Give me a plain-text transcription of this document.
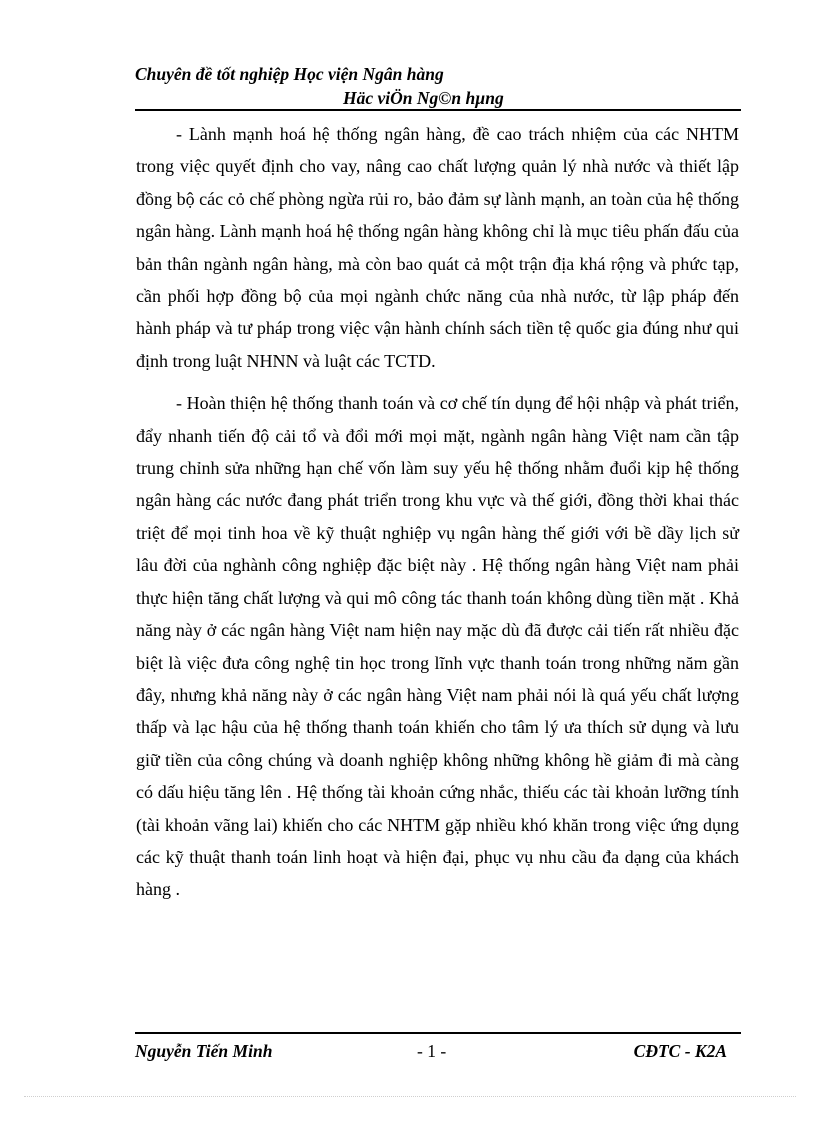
Chuyên đề tốt nghiệp Học viện Ngân hàng

Häc viÖn Ng©n hµng

- Lành mạnh hoá hệ thống ngân hàng, đề cao trách nhiệm của các NHTM trong việc quyết định cho vay, nâng cao chất lượng quản lý nhà nước và thiết lập đồng bộ các cỏ chế phòng ngừa rủi ro, bảo đảm sự lành mạnh, an toàn của hệ thống ngân hàng. Lành mạnh hoá hệ thống ngân hàng không chỉ là mục tiêu phấn đấu của bản thân ngành ngân hàng, mà còn bao quát cả một trận địa khá rộng và phức tạp, cần phối hợp đồng bộ của mọi ngành chức năng của nhà nước, từ lập pháp đến hành pháp và tư pháp trong việc vận hành chính sách tiền tệ quốc gia đúng như qui định trong luật NHNN và luật các TCTD.

- Hoàn thiện hệ thống thanh toán và cơ chế tín dụng để hội nhập và phát triển, đẩy nhanh tiến độ cải tổ và đổi mới mọi mặt, ngành ngân hàng Việt nam cần tập trung chỉnh sửa những hạn chế vốn làm suy yếu hệ thống nhằm đuổi kịp hệ thống ngân hàng các nước đang phát triển trong khu vực và thế giới, đồng thời khai thác triệt để mọi tinh hoa về kỹ thuật nghiệp vụ ngân hàng thế giới với bề dầy lịch sử lâu đời của nghành công nghiệp đặc biệt này . Hệ thống ngân hàng Việt nam phải thực hiện tăng chất lượng và qui mô công tác thanh toán không dùng tiền mặt . Khả năng này ở các ngân hàng Việt nam hiện nay mặc dù đã được cải tiến rất nhiều đặc biệt là việc đưa công nghệ tin học trong lĩnh vực thanh toán trong những năm gần đây, nhưng khả năng này ở các ngân hàng Việt nam phải nói là quá yếu chất lượng thấp và lạc hậu của hệ thống thanh toán khiến cho tâm lý ưa thích sử dụng và lưu giữ tiền của công chúng và doanh nghiệp không những không hề giảm đi mà càng có dấu hiệu tăng lên . Hệ thống tài khoản cứng nhắc, thiếu các tài khoản lưỡng tính (tài khoản vãng lai) khiến cho các NHTM gặp nhiều khó khăn trong việc ứng dụng các kỹ thuật thanh toán linh hoạt và hiện đại, phục vụ nhu cầu đa dạng của khách hàng .

Nguyễn Tiến Minh	- 1 -	CĐTC - K2A
